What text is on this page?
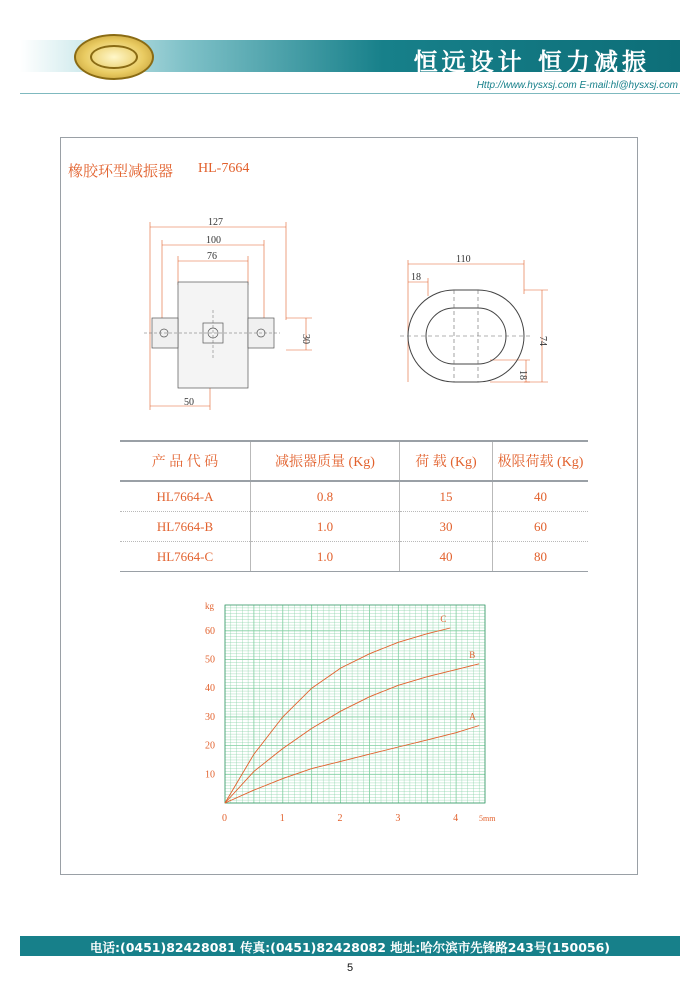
恒远设计 恒力减振
Http://www.hysxsj.com E-mail:hl@hysxsj.com
橡胶环型减振器 HL-7664
127
100
76
30
50
110
18
74
18
产 品 代 码	减振器质量 (Kg)	荷 载 (Kg)	极限荷载 (Kg)
HL7664-A	0.8	15	40
HL7664-B	1.0	30	60
HL7664-C	1.0	40	80
A
B
C
0	1	2	3	4
10
20
30
40
50
60
kg
5mm
电话:(0451)82428081 传真:(0451)82428082 地址:哈尔滨市先锋路243号(150056)
5
